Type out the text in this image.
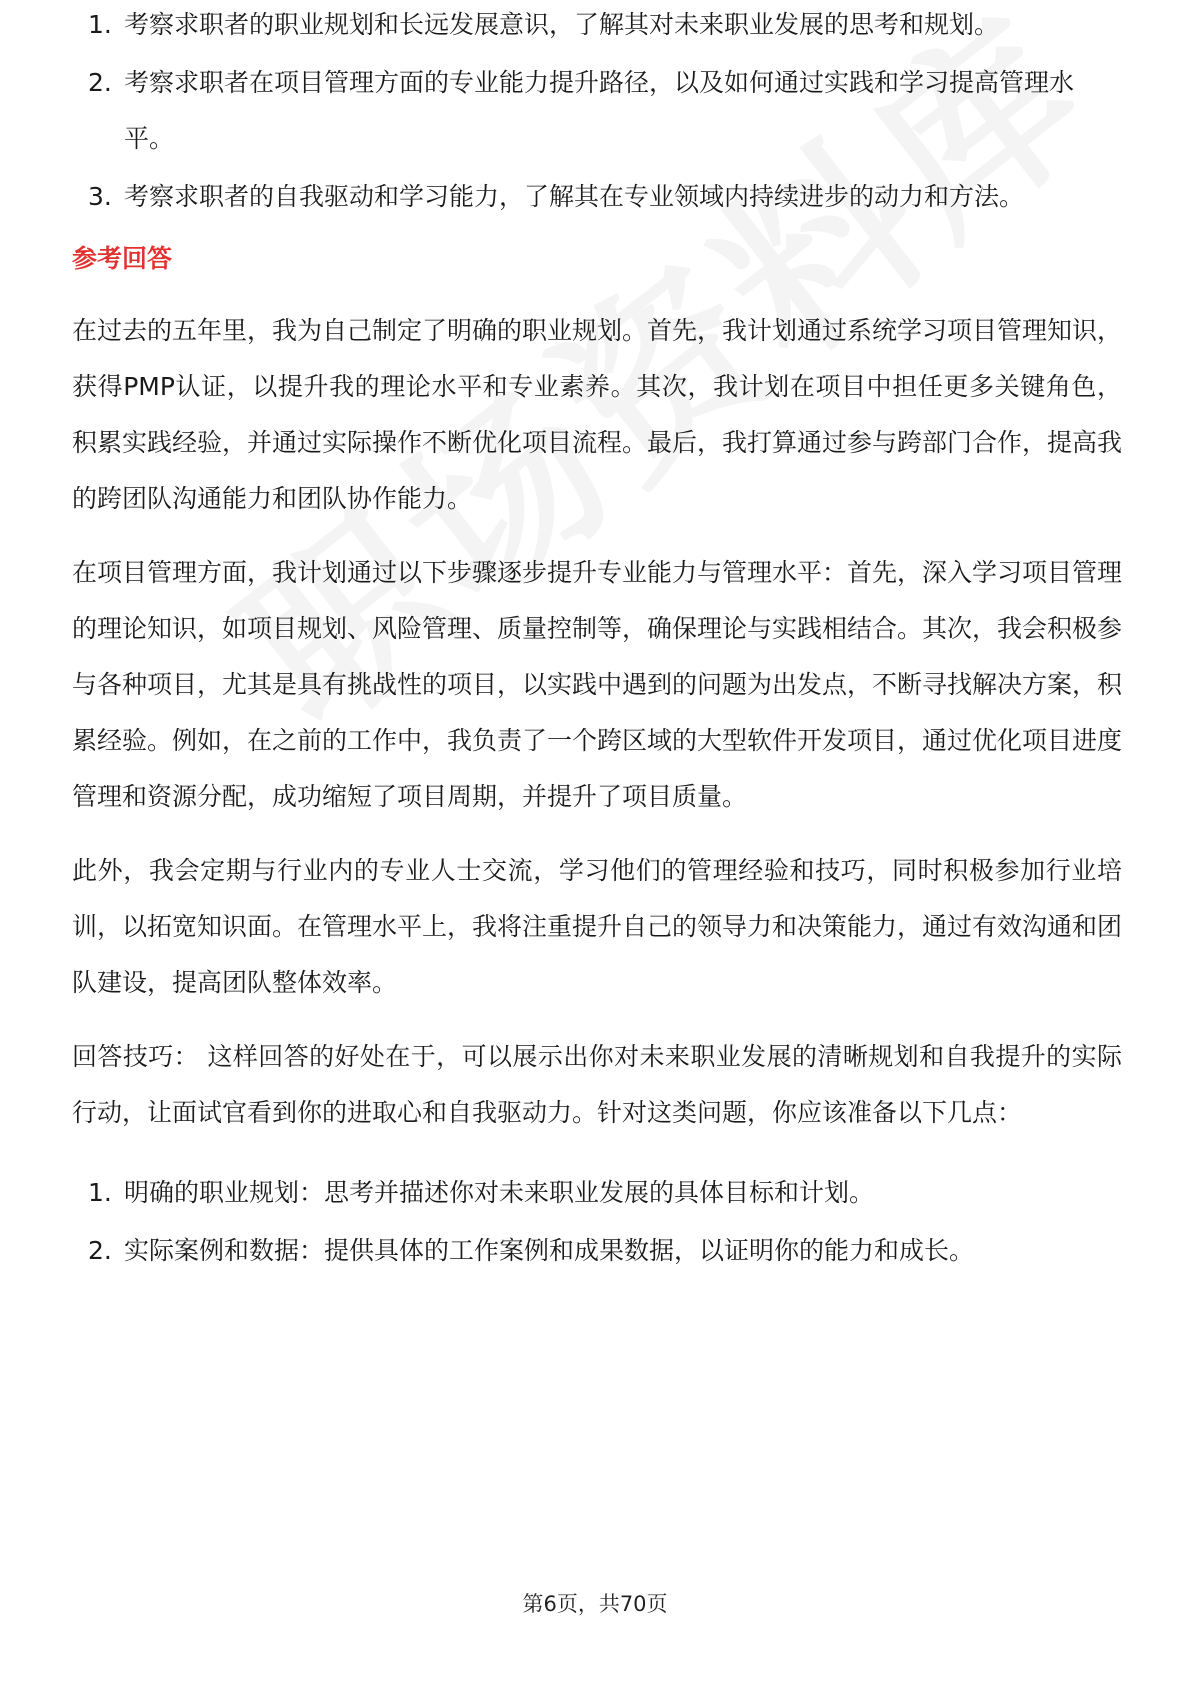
1. 考察求职者的职业规划和长远发展意识，了解其对未来职业发展的思考和规划。
2. 考察求职者在项目管理方面的专业能力提升路径，以及如何通过实践和学习提高管理水平。
3. 考察求职者的自我驱动和学习能力，了解其在专业领域内持续进步的动力和方法。
参考回答

在过去的五年里，我为自己制定了明确的职业规划。首先，我计划通过系统学习项目管理知识，获得PMP认证，以提升我的理论水平和专业素养。其次，我计划在项目中担任更多关键角色，积累实践经验，并通过实际操作不断优化项目流程。最后，我打算通过参与跨部门合作，提高我的跨团队沟通能力和团队协作能力。

在项目管理方面，我计划通过以下步骤逐步提升专业能力与管理水平：首先，深入学习项目管理的理论知识，如项目规划、风险管理、质量控制等，确保理论与实践相结合。其次，我会积极参与各种项目，尤其是具有挑战性的项目，以实践中遇到的问题为出发点，不断寻找解决方案，积累经验。例如，在之前的工作中，我负责了一个跨区域的大型软件开发项目，通过优化项目进度管理和资源分配，成功缩短了项目周期，并提升了项目质量。

此外，我会定期与行业内的专业人士交流，学习他们的管理经验和技巧，同时积极参加行业培训，以拓宽知识面。在管理水平上，我将注重提升自己的领导力和决策能力，通过有效沟通和团队建设，提高团队整体效率。

回答技巧： 这样回答的好处在于，可以展示出你对未来职业发展的清晰规划和自我提升的实际行动，让面试官看到你的进取心和自我驱动力。针对这类问题，你应该准备以下几点：

1. 明确的职业规划：思考并描述你对未来职业发展的具体目标和计划。
2. 实际案例和数据：提供具体的工作案例和成果数据，以证明你的能力和成长。
第6页，共70页
